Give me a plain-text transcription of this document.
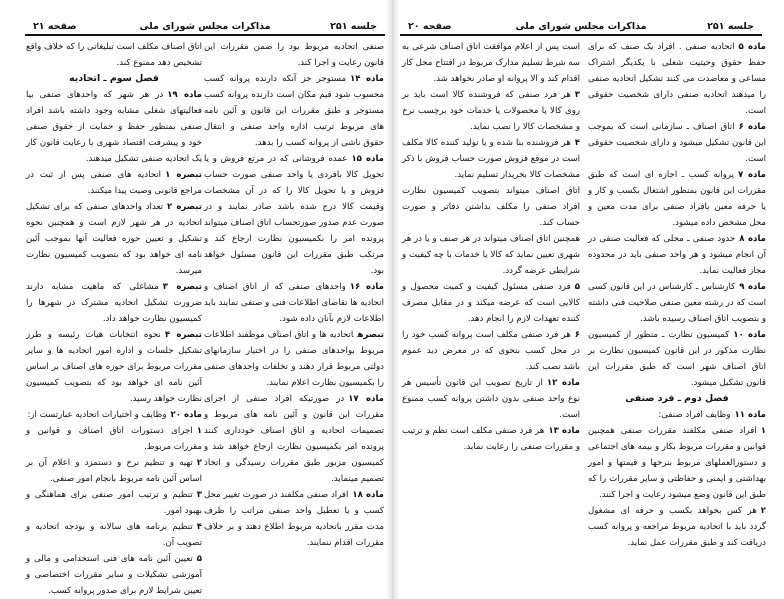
جلسه ۲۵۱
مذاکرات مجلس شورای ملی
صفحه ۲۱
صنفی اتحادیه مربوط بود را ضمن مقررات این قانون رعایت و اجرا کند.
ماده ۱۴مستوجر جز آنکه دارنده پروانه کسب محسوب شود قیم مکان است دارنده پروانه کسب مستوجر و طبق مقررات این قانون و آئین نامه های مربوط ترتیب اداره واحد صنفی و انتقال حقوق ناشی از پروانه کسب را بدهد.
ماده ۱۵عمده فروشانی که در مرتع فروش و یا تحویل کالا بافردی یا واحد صنفی صورت حساب فروش و یا تحویل کالا را که در آن مشخصات وقیمت کالا درج شده باشد صادر نمایند و در صورت عدم صدور صورتحساب اتاق اصناف میتواند پرونده امر را بکمیسیون نظارت ارجاع کند و مرتکب طبق مقررات این قانون مسئول خواهد بود.
ماده ۱۶واحدهای صنفی که از اتاق اصناف و اتحادیه ها تقاضای اطلاعات فنی و صنفی نمایند باید اطلاعات لازم بآنان داده شود.
تبصرهاتحادیه ها و اتاق اصناف موظفند اطلاعات مربوط بواحدهای صنفی را در اختیار سازمانهای دولتی مربوط قرار دهند و تخلفات واحدهای صنفی را بکمیسیون نظارت اعلام نمایند.
ماده ۱۷در صورتیکه افراد صنفی از اجرای مقررات این قانون و آئین نامه های مربوط و تصمیمات اتحادیه و اتاق اصناف خودداری کنند پرونده امر بکمیسیون نظارت ارجاع خواهد شد و کمیسیون مزبور طبق مقررات رسیدگی و اتخاذ تصمیم مینماید.
ماده ۱۸افراد صنفی مکلفند در صورت تغییر محل کسب و یا تعطیل واحد صنفی مراتب را ظرف مدت مقرر باتحادیه مربوط اطلاع دهند و بر خلاف مقررات اقدام ننمایند.
اتاق اصناف مکلف است تبلیغاتی را که خلاف واقع تشخیص دهد ممنوع کند.
فصل سوم ـ اتحادیه
ماده ۱۹در هر شهر که واحدهای صنفی بیا فعالیتهای شغلی مشابه وجود داشته باشد افراد صنفی بمنظور حفظ و حمایت از حقوق صنفی خود و پیشرفت اقتصاد شهری با رعایت قانون کار یک اتحادیه صنفی تشکیل میدهند.
تبصره ۱اتحادیه های صنفی پس از ثبت در مراجع قانونی وصیت پیدا میکنند.
تبصره ۲تعداد واحدهای صنفی که برای تشکیل اتحادیه در هر شهر لازم است و همچنین نحوه تشکیل و تعیین حوزه فعالیت آنها بموجب آئین نامه ای خواهد بود که بتصویب کمیسیون نظارت میرسد.
تبصره ۳مشاغلی که ماهیت مشابه دارند ضرورت تشکیل اتحادیه مشترک در شهرها را کمیسیون نظارت خواهد داد.
تبصره ۴نحوه انتخابات هیات رئیسه و طرز تشکیل جلسات و اداره امور اتحادیه ها و سایر مقررات مربوط برای حوزه های اصناف بر اساس آئین نامه ای خواهد بود که بتصویب کمیسیون نظارت خواهد رسید.
ماده ۲۰وظایف و اختیارات اتحادیه عبارتست از:
۱اجرای دستورات اتاق اصناف و قوانین و مقررات مربوط.
۲تهیه و تنظیم نرخ و دستمزد و اعلام آن بر اساس آئین نامه مربوط بانجام امور صنفی.
۳تنظیم و ترتیب امور صنفی برای هماهنگی و بهبود امور.
۴تنظیم برنامه های سالانه و بودجه اتحادیه و تصویب آن.
۵تعیین آئین نامه های فنی استخدامی و مالی و آموزشی تشکیلات و سایر مقررات اختصاصی و تعیین شرایط لازم برای صدور پروانه کسب.
جلسه ۲۵۱
مذاکرات مجلس شورای ملی
صفحه ۲۰
ماده ۵اتحادیه صنفی . افراد یک صنف که برای حفظ حقوق وحیثیت شغلی با یکدیگر اشتراک مساعی و معاضدت می کنند تشکیل اتحادیه صنفی را میدهند اتحادیه صنفی دارای شخصیت حقوقی است.
ماده ۶اتاق اصناف ـ سازمانی است که بموجب این قانون تشکیل میشود و دارای شخصیت حقوقی است.
ماده ۷پروانه کسب ـ اجازه ای است که طبق مقررات این قانون بمنظور اشتغال بکسب و کار و یا حرفه معین بافراد صنفی برای مدت معین و محل مشخص داده میشود.
ماده ۸حدود صنفی ـ محلی که فعالیت صنفی در آن انجام میشود و هر واحد صنفی باید در محدوده مجاز فعالیت نماید.
ماده ۹کارشناس ـ کارشناس در این قانون کسی است که در رشته معین صنفی صلاحیت فنی داشته و بتصویب اتاق اصناف رسیده باشد.
ماده ۱۰کمیسیون نظارت ـ منظور از کمیسیون نظارت مذکور در این قانون کمیسیون نظارت بر اتاق اصناف شهر است که طبق مقررات این قانون تشکیل میشود.
فصل دوم ـ فرد صنفی
ماده ۱۱وظایف افراد صنفی:
۱افراد صنفی مکلفند مقررات صنفی همچنین قوانین و مقررات مربوط بکار و بیمه های اجتماعی و دستورالعملهای مربوط بنرخها و قیمتها و امور بهداشتی و ایمنی و حفاظتی و سایر مقررات را که طبق این قانون وضع میشود رعایت و اجرا کنند.
۲هر کس بخواهد بکسب و حرفه ای مشغول گردد باید با اتحادیه مربوط مراجعه و پروانه کسب دریافت کند و طبق مقررات عمل نماید.
است پس از اعلام موافقت اتاق اصناف شرعی به سه شرط تسلیم مدارک مربوط در افتتاح محل کار اقدام کند و الا پروانه او صادر نخواهد شد.
۳هر فرد صنفی که فروشنده کالا است باید بر روی کالا یا محصولات یا خدمات خود برچسب نرخ و مشخصات کالا را نصب نماید.
۴هر فروشنده بنا شده و یا تولید کننده کالا مکلف است در موقع فروش صورت حساب فروش با ذکر مشخصات کالا بخریدار تسلیم نماید.
اتاق اصناف میتواند بتصویب کمیسیون نظارت افراد صنفی را مکلف بداشتن دفاتر و صورت حساب کند.
همچنین اتاق اصناف میتواند در هر صنف و یا در هر شهری تعیین نماید که کالا یا خدمات با چه کیفیت و شرایطی عرضه گردد.
۵فرد صنفی مسئول کیفیت و کمیت محصول و کالایی است که عرضه میکند و در مقابل مصرف کننده تعهدات لازم را انجام دهد.
۶هر فرد صنفی مکلف است پروانه کسب خود را در محل کسب بنحوی که در معرض دید عموم باشد نصب کند.
ماده ۱۲از تاریخ تصویب این قانون تأسیس هر نوع واحد صنفی بدون داشتن پروانه کسب ممنوع است.
ماده ۱۳هر فرد صنفی مکلف است نظم و ترتیب و مقررات صنفی را رعایت نماید.
